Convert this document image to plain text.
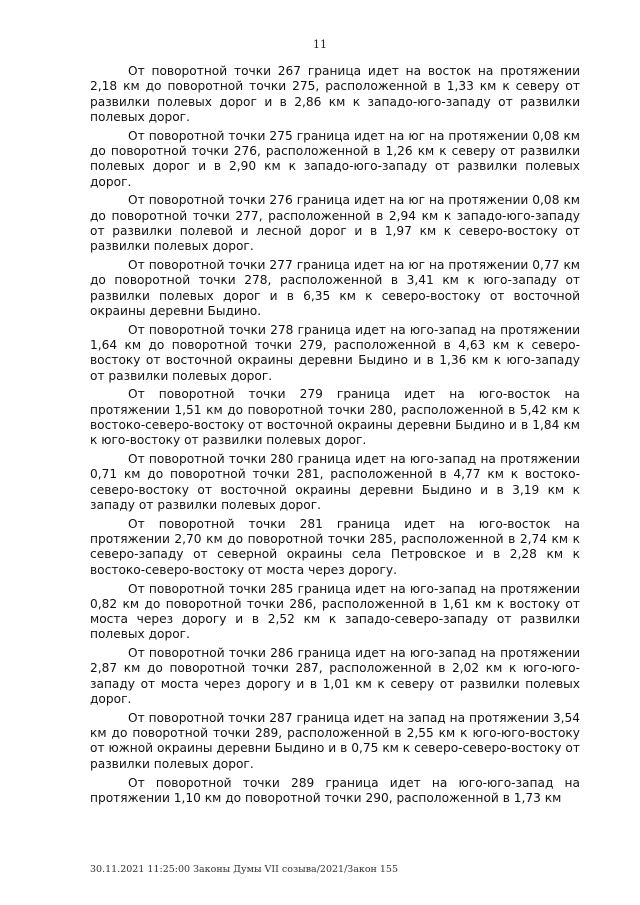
11

От поворотной точки 267 граница идет на восток на протяжении 2,18 км до поворотной точки 275, расположенной в 1,33 км к северу от развилки полевых дорог и в 2,86 км к западо-юго-западу от развилки полевых дорог.

От поворотной точки 275 граница идет на юг на протяжении 0,08 км до поворотной точки 276, расположенной в 1,26 км к северу от развилки полевых дорог и в 2,90 км к западо-юго-западу от развилки полевых дорог.

От поворотной точки 276 граница идет на юг на протяжении 0,08 км до поворотной точки 277, расположенной в 2,94 км к западо-юго-западу от развилки полевой и лесной дорог и в 1,97 км к северо-востоку от развилки полевых дорог.

От поворотной точки 277 граница идет на юг на протяжении 0,77 км до поворотной точки 278, расположенной в 3,41 км к юго-западу от развилки полевых дорог и в 6,35 км к северо-востоку от восточной окраины деревни Быдино.

От поворотной точки 278 граница идет на юго-запад на протяжении 1,64 км до поворотной точки 279, расположенной в 4,63 км к северо-востоку от восточной окраины деревни Быдино и в 1,36 км к юго-западу от развилки полевых дорог.

От поворотной точки 279 граница идет на юго-восток на протяжении 1,51 км до поворотной точки 280, расположенной в 5,42 км к востоко-северо-востоку от восточной окраины деревни Быдино и в 1,84 км к юго-востоку от развилки полевых дорог.

От поворотной точки 280 граница идет на юго-запад на протяжении 0,71 км до поворотной точки 281, расположенной в 4,77 км к востоко-северо-востоку от восточной окраины деревни Быдино и в 3,19 км к западу от развилки полевых дорог.

От поворотной точки 281 граница идет на юго-восток на протяжении 2,70 км до поворотной точки 285, расположенной в 2,74 км к северо-западу от северной окраины села Петровское и в 2,28 км к востоко-северо-востоку от моста через дорогу.

От поворотной точки 285 граница идет на юго-запад на протяжении 0,82 км до поворотной точки 286, расположенной в 1,61 км к востоку от моста через дорогу и в 2,52 км к западо-северо-западу от развилки полевых дорог.

От поворотной точки 286 граница идет на юго-запад на протяжении 2,87 км до поворотной точки 287, расположенной в 2,02 км к юго-юго-западу от моста через дорогу и в 1,01 км к северу от развилки полевых дорог.

От поворотной точки 287 граница идет на запад на протяжении 3,54 км до поворотной точки 289, расположенной в 2,55 км к юго-юго-востоку от южной окраины деревни Быдино и в 0,75 км к северо-северо-востоку от развилки полевых дорог.

От поворотной точки 289 граница идет на юго-юго-запад на протяжении 1,10 км до поворотной точки 290, расположенной в 1,73 км

30.11.2021 11:25:00 Законы Думы VII созыва/2021/Закон 155
